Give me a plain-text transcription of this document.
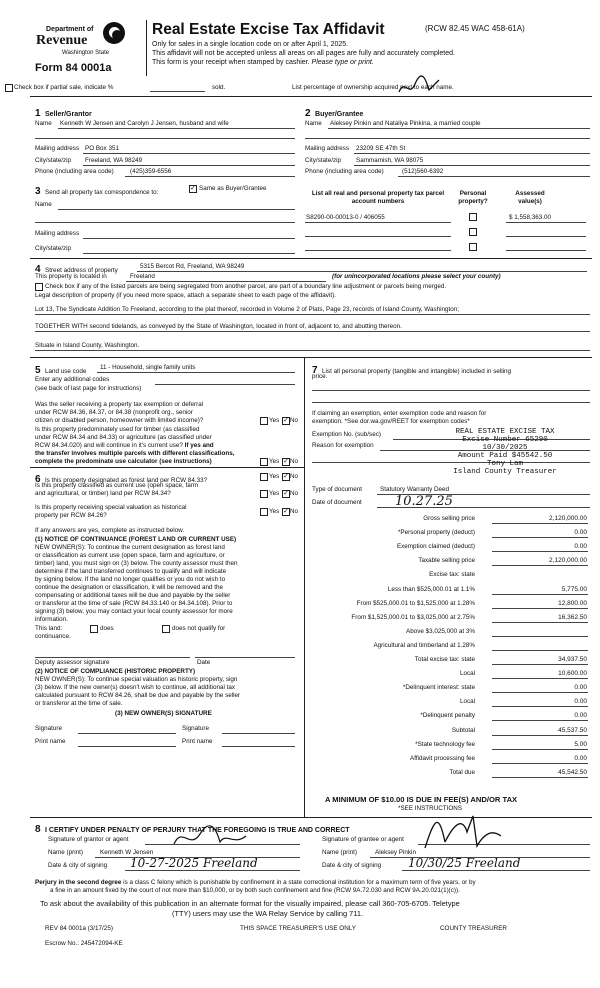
Department of
Revenue
Washington State
Form 84 0001a
Real Estate Excise Tax Affidavit	(RCW 82.45 WAC 458-61A)
Only for sales in a single location code on or after April 1, 2025.
This affidavit will not be accepted unless all areas on all pages are fully and accurately completed.
This form is your receipt when stamped by cashier. Please type or print.
Check box if partial sale, indicate %	sold.	List percentage of ownership acquired next to each name.
1 Seller/Grantor
Name Kenneth W Jensen and Carolyn J Jensen, husband and wife
Mailing address PO Box 351
City/state/zip Freeland, WA 98249
Phone (including area code)	(425)359-6556
2 Buyer/Grantee
Name Aleksey Pinkin and Nataliya Pinkina, a married couple
Mailing address 23209 SE 47th St
City/state/zip Sammamish, WA 98075
Phone (including area code)	(512)560-6392
3 Send all property tax correspondence to:
✓ Same as Buyer/Grantee
Name
Mailing address
City/state/zip
List all real and personal property tax parcel account numbers
Personal property?
Assessed value(s)
S8290-00-00013-0 / 406055	$ 1,558,363.00
4 Street address of property
5315 Bercot Rd, Freeland, WA 98249
This property is located in	Freeland	(for unincorporated locations please select your county)
Check box if any of the listed parcels are being segregated from another parcel, are part of a boundary line adjustment or parcels being merged.
Legal description of property (if you need more space, attach a separate sheet to each page of the affidavit).
Lot 13, The Syndicate Addition To Freeland, according to the plat thereof, recorded in Volume 2 of Plats, Page 23, records of Island County, Washington;
TOGETHER WITH second tidelands, as conveyed by the State of Washington, located in front of, adjacent to, and abutting thereon.
Situate in Island County, Washington.
5 Land use code
11 - Household, single family units
Enter any additional codes
(see back of last page for instructions)
Was the seller receiving a property tax exemption or deferral
under RCW 84.36, 84.37, or 84.38 (nonprofit org., senior
citizen or disabled person, homeowner with limited income)?	Yes ✓ No
Is this property predominately used for timber (as classified
under RCW 84.34 and 84.33) or agriculture (as classified under
RCW 84.34.020) and will continue in it's current use? If yes and
the transfer involves multiple parcels with different classifications,
complete the predominate use calculator (see instructions)	Yes ✓ No
6 Is this property designated as forest land per RCW 84.33?
Yes ✓ No
Is this property classified as current use (open space, farm
and agricultural, or timber) land per RCW 84.34?	Yes ✓ No
Is this property receiving special valuation as historical
property per RCW 84.26?
Yes ✓ No
If any answers are yes, complete as instructed below.
(1) NOTICE OF CONTINUANCE (FOREST LAND OR CURRENT USE)
NEW OWNER(S): To continue the current designation as forest land
or classification as current use (open space, farm and agriculture, or
timber) land, you must sign on (3) below. The county assessor must then
determine if the land transferred continues to qualify and will indicate
by signing below. If the land no longer qualifies or you do not wish to
continue the designation or classification, it will be removed and the
compensating or additional taxes will be due and payable by the seller
or transferor at the time of sale (RCW 84.33.140 or 84.34.108). Prior to
signing (3) below, you may contact your local county assessor for more
information.
This land:	does	does not qualify for
continuance.
Deputy assessor signature	Date
(2) NOTICE OF COMPLIANCE (HISTORIC PROPERTY)
NEW OWNER(S): To continue special valuation as historic property, sign
(3) below. If the new owner(s) doesn't wish to continue, all additional tax
calculated pursuant to RCW 84.26, shall be due and payable by the seller
or transferor at the time of sale.
(3) NEW OWNER(S) SIGNATURE
Signature	Signature
Print name	Print name
7 List all personal property (tangible and intangible) included in selling
price.
If claiming an exemption, enter exemption code and reason for
exemption. *See dor.wa.gov/REET for exemption codes*
Exemption No. (sub/sec)
Reason for exemption
REAL ESTATE EXCISE TAX
Excise Number 65290
10/30/2025
Amount Paid $45542.50
Tony Lam
Island County Treasurer
Type of document	Statutory Warranty Deed
Date of document	10.27.25
Gross selling price	2,120,000.00
*Personal property (deduct)	0.00
Exemption claimed (deduct)	0.00
Taxable selling price	2,120,000.00
Excise tax: state
Less than $525,000.01 at 1.1%	5,775.00
From $525,000.01 to $1,525,000 at 1.28%	12,800.00
From $1,525,000.01 to $3,025,000 at 2.75%	16,362.50
Above $3,025,000 at 3%
Agricultural and timberland at 1.28%
Total excise tax: state	34,937.50
Local	10,600.00
*Delinquent interest: state	0.00
Local	0.00
*Delinquent penalty	0.00
Subtotal	45,537.50
*State technology fee	5.00
Affidavit processing fee	0.00
Total due	45,542.50
A MINIMUM OF $10.00 IS DUE IN FEE(S) AND/OR TAX
*SEE INSTRUCTIONS
8 I CERTIFY UNDER PENALTY OF PERJURY THAT THE FOREGOING IS TRUE AND CORRECT
Signature of grantor or agent
Name (print)	Kenneth W Jensen
Date & city of signing 10-27-2025 Freeland
Signature of grantee or agent
Name (print)	Aleksey Pinkin
Date & city of signing 10/30/25 Freeland
Perjury in the second degree is a class C felony which is punishable by confinement in a state correctional institution for a maximum term of five years, or by
a fine in an amount fixed by the court of not more than $10,000, or by both such confinement and fine (RCW 9A.72.030 and RCW 9A.20.021(1)(c)).
To ask about the availability of this publication in an alternate format for the visually impaired, please call 360-705-6705. Teletype
(TTY) users may use the WA Relay Service by calling 711.
REV 84 0001a (3/17/25)	THIS SPACE TREASURER'S USE ONLY	COUNTY TREASURER
Escrow No.: 245472094-KE
